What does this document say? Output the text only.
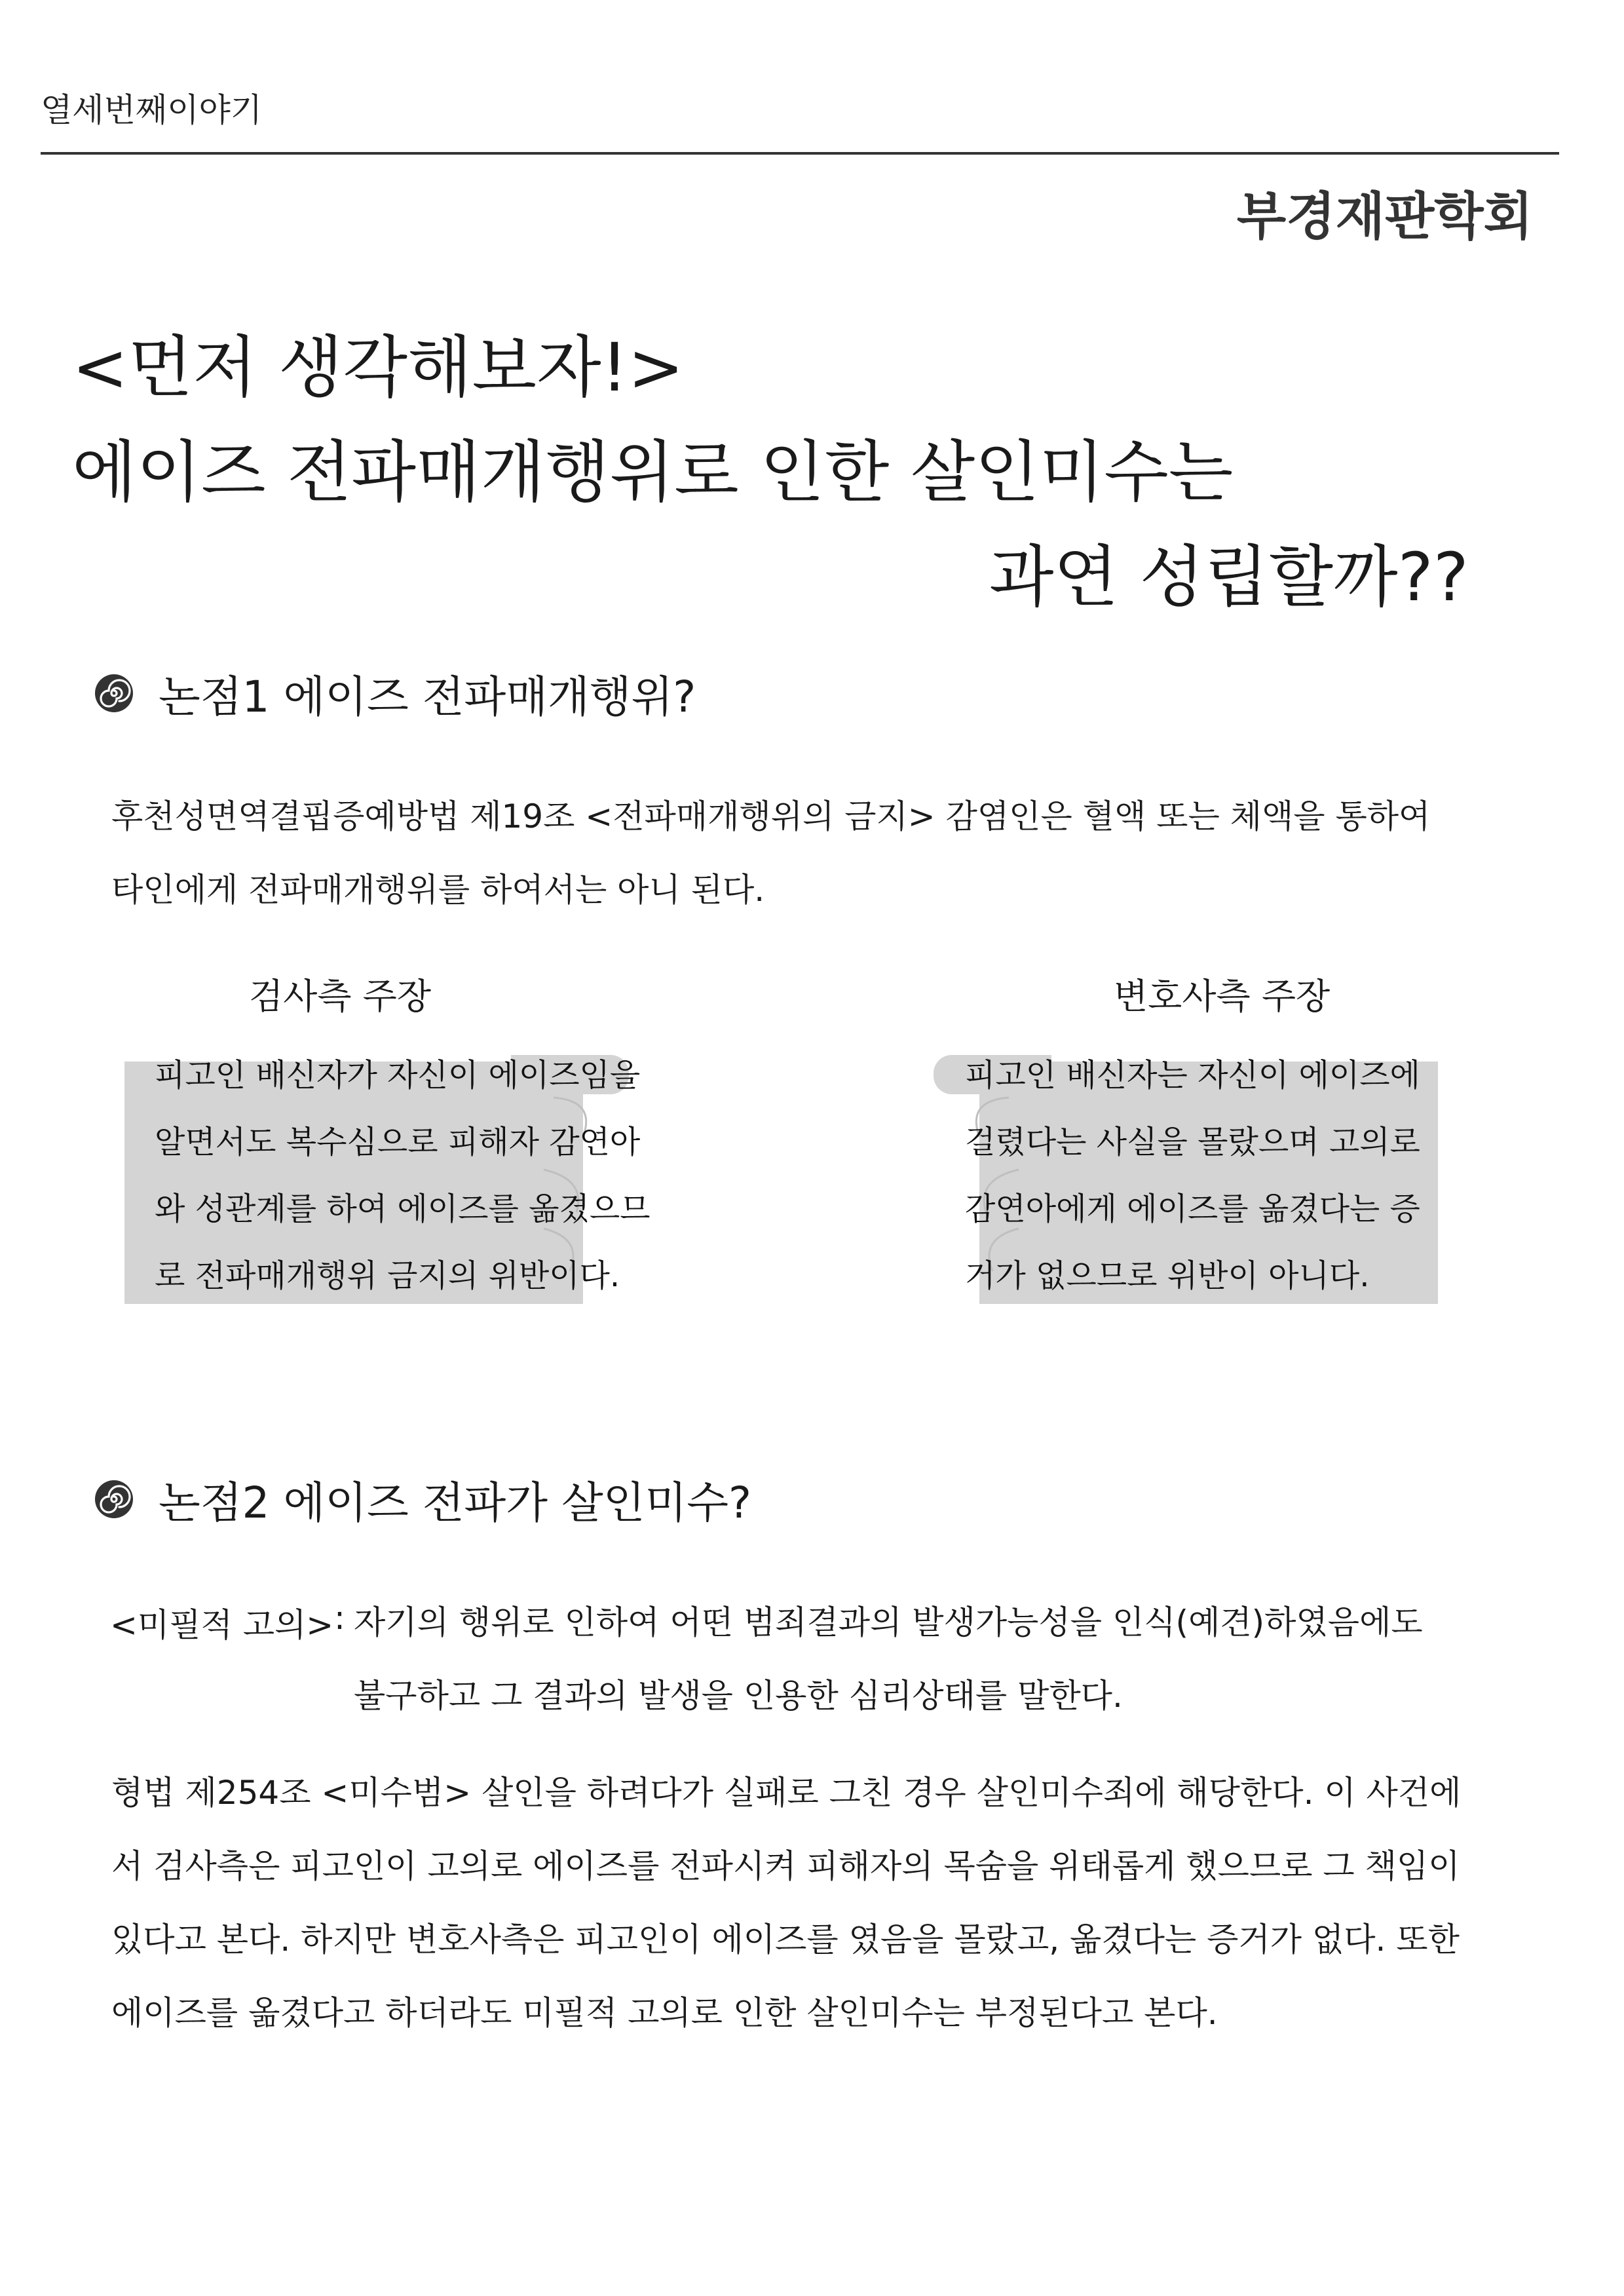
열세번째이야기
부경재판학회
<먼저 생각해보자!>
에이즈 전파매개행위로 인한 살인미수는
과연 성립할까??
논점1 에이즈 전파매개행위?
후천성면역결핍증예방법 제19조 <전파매개행위의 금지> 감염인은 혈액 또는 체액을 통하여 타인에게 전파매개행위를 하여서는 아니 된다.
검사측 주장	변호사측 주장
피고인 배신자가 자신이 에이즈임을 알면서도 복수심으로 피해자 감연아와 성관계를 하여 에이즈를 옮겼으므로 전파매개행위 금지의 위반이다.
피고인 배신자는 자신이 에이즈에 걸렸다는 사실을 몰랐으며 고의로 감연아에게 에이즈를 옮겼다는 증거가 없으므로 위반이 아니다.
논점2 에이즈 전파가 살인미수?
<미필적 고의> : 자기의 행위로 인하여 어떤 범죄결과의 발생가능성을 인식(예견)하였음에도 불구하고 그 결과의 발생을 인용한 심리상태를 말한다.
형법 제254조 <미수범> 살인을 하려다가 실패로 그친 경우 살인미수죄에 해당한다. 이 사건에서 검사측은 피고인이 고의로 에이즈를 전파시켜 피해자의 목숨을 위태롭게 했으므로 그 책임이 있다고 본다. 하지만 변호사측은 피고인이 에이즈를 였음을 몰랐고, 옮겼다는 증거가 없다. 또한 에이즈를 옮겼다고 하더라도 미필적 고의로 인한 살인미수는 부정된다고 본다.
